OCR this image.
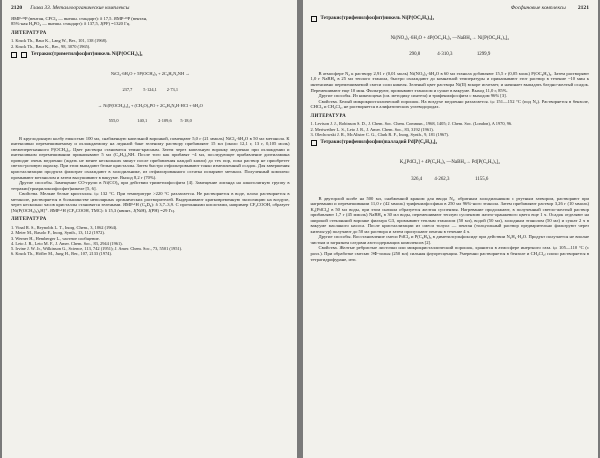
2120	Глава 33. Металлоорганические комплексы
ЯМР-³¹P (вентан, CFCl₃ — внешн. стандарт): δ 17,5. ЯМР-³¹P (вентан,
85%-ная H₃PO₄ — внешн. стандарт): δ 137,5, J(PF) =1320 Гц.
ЛИТЕРАТУРА
1. Kruck Th., Baur K., Lang W., Ber., 101, 138 (1968).
2. Kruck Th., Baur K., Ber., 98, 3070 (1965).
Тетракис(триметилфосфит)никель Ni[P(OCH₃)₃]₄

NiCl₂·6H₂O + 5P(OCH₃)₃ + 2C₆H₅N₂NH →

237,7          5·124,1         2·73,1

→ Ni[P(OCH₃)₃]₄ + (CH₃O)₃PO + 2C₆H₅N₂H·HCl + 6H₂O

555,0                 140,1          2·109,6        5·18,0

В круглодонную колбу емкостью 100 мл, снабженную капельной воронкой, помещают 5,0 г (21 ммоль) NiCl₂·6H₂O в 50 мл метанола. К интенсивно перемешиваемому и охлаждаемому на ледяной бане зеленому раствору прибавляют 15 мл (около 12,1 г, 13 г, 0,105 моль) свежеперегнанного P(OCH₃)₃. Цвет раствора становится темно-красным. Затем через капельную воронку медленно при охлаждении и интенсивном перемешивании прикапывают 5 мл (C₂H₅)₃NH. После того как прибавят ~4 мл, последующее прибавление диэтиламина проводят очень медленно (ждать не менее нескольких минут после прибавления каждой капли) до тех пор, пока раствор не приобретет светло-розовую окраску. При этом выпадают белые кристаллы. Затем быстро отфильтровывают тонко измельченный осадок. Для завершения кристаллизации продукта фильтрат охлаждают в холодильнике, из отфильтрованного остатка испаряют метанол. Полученный комплекс промывают метанолом и затем высушивают в вакууме. Выход 8,2 г (70%).

Другие способы. Замещение CO-групп в Ni(CO)₄ при действии триметилфосфита [4]. Замещение лиганда на алкоголятную группу в тетракис(триарилоксифосфит)никеле [5, 6].

Свойства. Мелкие белые кристаллы. tₚₗ 132 °C. При температуре >220 °C разлагается. Не растворяется в воде, плохо растворяется в метаноле, растворяется в большинстве неполярных органических растворителей. Выдерживают кратковременную экспозицию на воздухе, через несколько часов кристаллы становятся зелеными. ЯМР-¹H (C₆D₆): δ 3,7–3,9. С протонными кислотами, например CF₃COOH, образует [Ni(P(OCH₃)₃)₄H]⁺. ЯМР-¹H (CF₃COOH, TMC): δ 15,3 (квинт., J(NiH), J(PH) =29 Гц.

ЛИТЕРАТУРА
1. Vinal R. S., Reynolds L. T., Inorg. Chem., 3, 1062 (1964).
2. Meier M., Basolo F., Inorg. Synth., 13, 112 (1972).
3. Werner H., Hemberger L., частное сообщение.
4. Leto J. R., Leto M. F., J. Amer. Chem. Soc., 83, 2944 (1961).
5. Irvine J. W. Jr., Wilkinson G., Science, 113, 742 (1951); J. Amer. Chem. Soc., 73, 5501 (1951).
6. Kruck Th., Höfler M., Jung H., Ber., 107, 2133 (1974).
Фосфиновые комплексы	2121
Тетракис(трифенилфосфит)никель Ni[P(OC₆H₅)₃]₄

Ni(NO₃)₂·6H₂O + 4P(OC₆H₅)₃ —NaBH₄→ Ni[P(OC₆H₅)₃]₄

290,8              4·310,3                    1299,9

В атмосфере N₂ к раствору 2,91 г (0,01 моль) Ni(NO₃)₂·6H₂O в 60 мл этанола добавляют 15,5 г (0,05 моль) P(OC₆H₅)₃. Затем растворяют 1,0 г NaBH₄ в 25 мл теплого этанола, быстро охлаждают до комнатной температуры и прикапывают этот раствор в течение ~10 мин к интенсивно перемешиваемой смеси соли никеля. Зеленый цвет раствора Ni(II) вскоре исчезает, и начинает выпадать бледно-желтый осадок. Перемешивают еще 10 мин. Фильтруют, промывают этанолом и сушат в вакууме. Выход 11,0 г, 85%.

Другие способы. Из никелоцена (см. методику синтеза) и трифенилфосфита с выходом 96% [3].

Свойства. Белый микрокристаллический порошок. На воздухе медленно разлагается. tₚₗ 151—152 °C (под N₂). Растворяется в бензоле, CHCl₃ и CH₂Cl₂, не растворяется в алифатических углеводородах.

ЛИТЕРАТУРА
1. Levison J. J., Robinson S. D., J. Chem. Soc. Chem. Commun., 1968, 1405; J. Chem. Soc. (London), A 1970, 96.
2. Meriwether L. S., Leto J. R., J. Amer. Chem. Soc., 83, 3192 (1961).
3. Olechowski J. R., McAlister C. G., Clark R. F., Inorg. Synth., 9, 181 (1967).
Тетракис(трифенилфосфин)палладий Pd[P(C₆H₅)₃]₄

K₂[PdCl₄] + 4P(C₆H₅)₃ —NaBH₄→ Pd[P(C₆H₅)₃]₄

326,4          4·262,3                     1155,6

В двугорлой колбе на 500 мл, снабженной краном для ввода N₂, обратным холодильником с ртутным затвором, растворяют при нагревании и перемешивании 11,0 г (42 ммоль) трифенилфосфина в 250 мл 96%-ного этанола. Затем прибавляют раствор 3,26 г (10 ммоль) K₂[PdCl₄] в 50 мл воды, при этом сначала образуется желтая суспензия. Нагревание продолжают, в полученный светло-желтый раствор прибавляют 1,7 г (45 ммоль) NaBH₄ в 30 мл воды, перемешивают теплую суспензию желто-оранжевого цвета еще 1 ч. Осадок отделяют на широкой стеклянной воронке фильтра G3, промывают теплым этанолом (50 мл), водой (50 мл), холодным этанолом (50 мл) и сушат 2 ч в вакууме масляного насоса. После кристаллизации из смеси толуол — пентан (тольуольный раствор предварительно фильтруют через кизельгур) получают до 50 мл раствора и затем пропускают пентан в течение 4 ч.

Другие способы. Восстановление смеси PdCl₂ и P(C₆H₅)₃ в диметилсульфоксиде при действии N₂H₄·H₂O. Продукт получается не вполне чистым и загрязнен следами азотсодержащих комплексов [2].

Свойства. Желтые ребристые листочки или микрокристаллический порошок, хранится в атмосфере инертного газа. tₚₗ 105—110 °C (с разл.). При обработке смесью ЭФ-зольы (250 мл) сильная флуоресценция. Умеренно растворяется в бензоле и CH₂Cl₂; плохо растворяется в тетрагидрофуране, итп.
